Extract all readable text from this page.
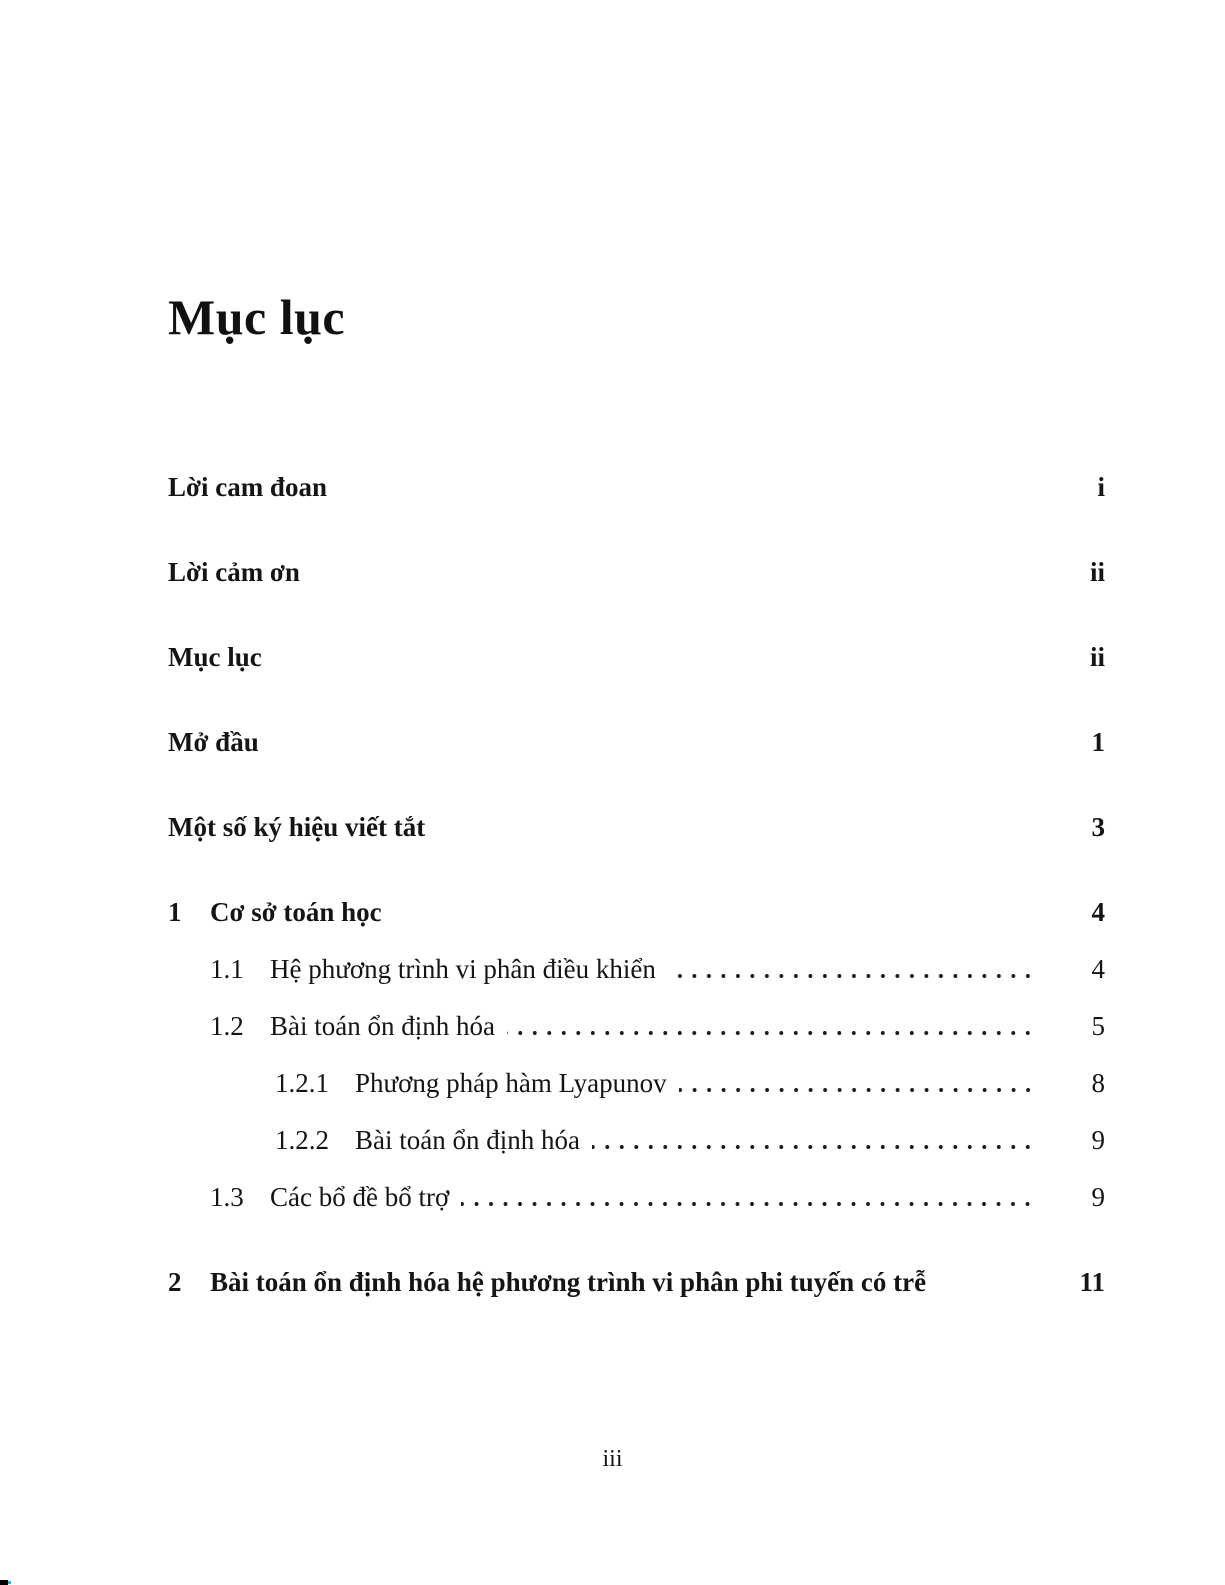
Mục lục
Lời cam đoan	i
Lời cảm ơn	ii
Mục lục	ii
Mở đầu	1
Một số ký hiệu viết tắt	3
1	Cơ sở toán học	4
1.1 Hệ phương trình vi phân điều khiển	4
1.2 Bài toán ổn định hóa	5
1.2.1 Phương pháp hàm Lyapunov	8
1.2.2 Bài toán ổn định hóa	9
1.3 Các bổ đề bổ trợ	9
2	Bài toán ổn định hóa hệ phương trình vi phân phi tuyến có trễ	11
iii
